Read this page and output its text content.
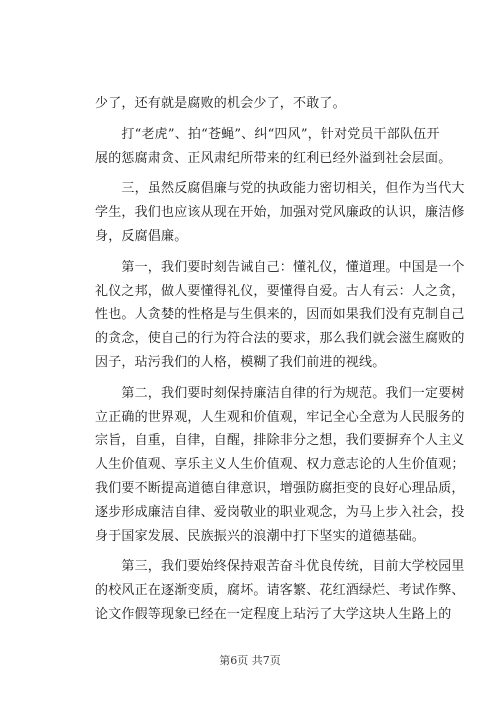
少了，还有就是腐败的机会少了，不敢了。
　　打“老虎”、拍“苍蝇”、纠“四风”，针对党员干部队伍开
展的惩腐肃贪、正风肃纪所带来的红利已经外溢到社会层面。
　　三，虽然反腐倡廉与党的执政能力密切相关，但作为当代大
学生，我们也应该从现在开始，加强对党风廉政的认识，廉洁修
身，反腐倡廉。
　　第一，我们要时刻告诫自己：懂礼仪，懂道理。中国是一个
礼仪之邦，做人要懂得礼仪，要懂得自爱。古人有云：人之贪，
性也。人贪婪的性格是与生俱来的，因而如果我们没有克制自己
的贪念，使自己的行为符合法的要求，那么我们就会滋生腐败的
因子，玷污我们的人格，模糊了我们前进的视线。
　　第二，我们要时刻保持廉洁自律的行为规范。我们一定要树
立正确的世界观，人生观和价值观，牢记全心全意为人民服务的
宗旨，自重，自律，自醒，排除非分之想，我们要摒弃个人主义
人生价值观、享乐主义人生价值观、权力意志论的人生价值观；
我们要不断提高道德自律意识，增强防腐拒变的良好心理品质，
逐步形成廉洁自律、爱岗敬业的职业观念，为马上步入社会，投
身于国家发展、民族振兴的浪潮中打下坚实的道德基础。
　　第三，我们要始终保持艰苦奋斗优良传统，目前大学校园里
的校风正在逐渐变质，腐坏。请客繁、花红酒绿烂、考试作弊、
论文作假等现象已经在一定程度上玷污了大学这块人生路上的
第6页 共7页
